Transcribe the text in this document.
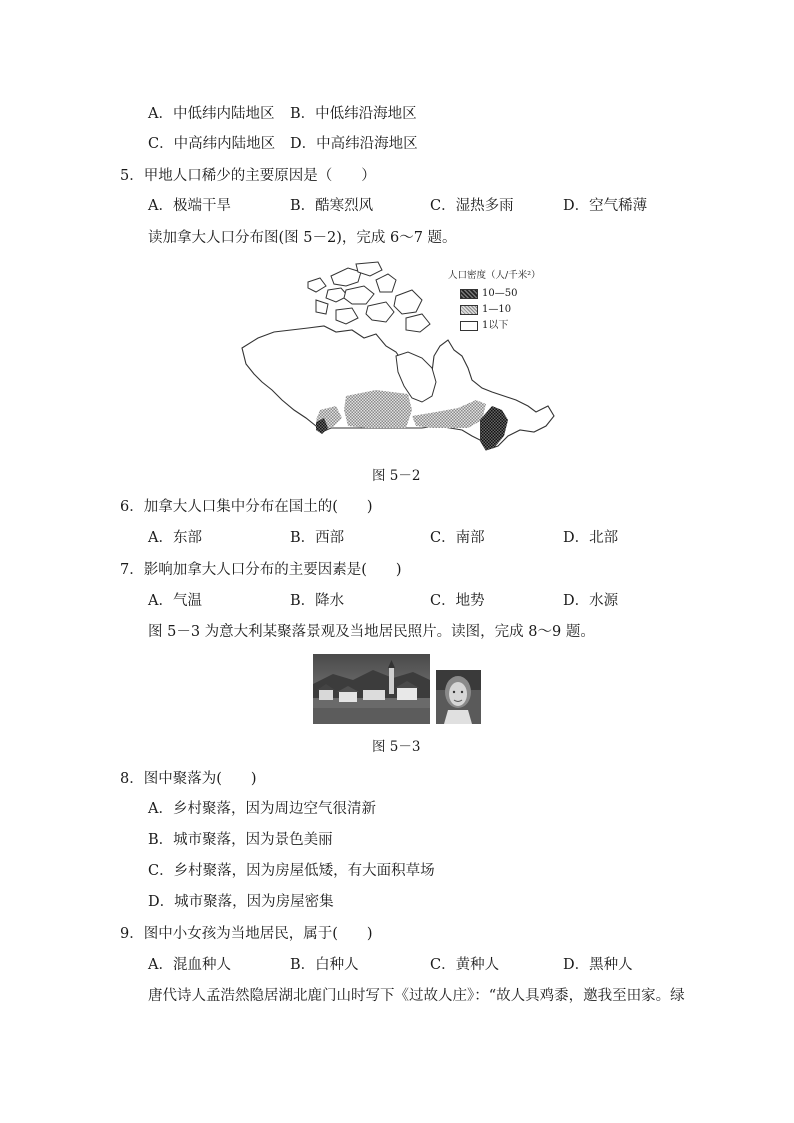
A．中低纬内陆地区 B．中低纬沿海地区
C．中高纬内陆地区 D．中高纬沿海地区
5．甲地人口稀少的主要原因是（　　）
A．极端干旱	B．酷寒烈风	C．湿热多雨	D．空气稀薄
读加拿大人口分布图(图 5－2)，完成 6～7 题。
人口密度（人/千米²）
10—50
1—10
1以下
图 5－2
6．加拿大人口集中分布在国土的(　　)
A．东部	B．西部	C．南部	D．北部
7．影响加拿大人口分布的主要因素是(　　)
A．气温	B．降水	C．地势	D．水源
图 5－3 为意大利某聚落景观及当地居民照片。读图，完成 8～9 题。
图 5－3
8．图中聚落为(　　)
A．乡村聚落，因为周边空气很清新
B．城市聚落，因为景色美丽
C．乡村聚落，因为房屋低矮，有大面积草场
D．城市聚落，因为房屋密集
9．图中小女孩为当地居民，属于(　　)
A．混血种人	B．白种人	C．黄种人	D．黑种人
唐代诗人孟浩然隐居湖北鹿门山时写下《过故人庄》：“故人具鸡黍，邀我至田家。绿
